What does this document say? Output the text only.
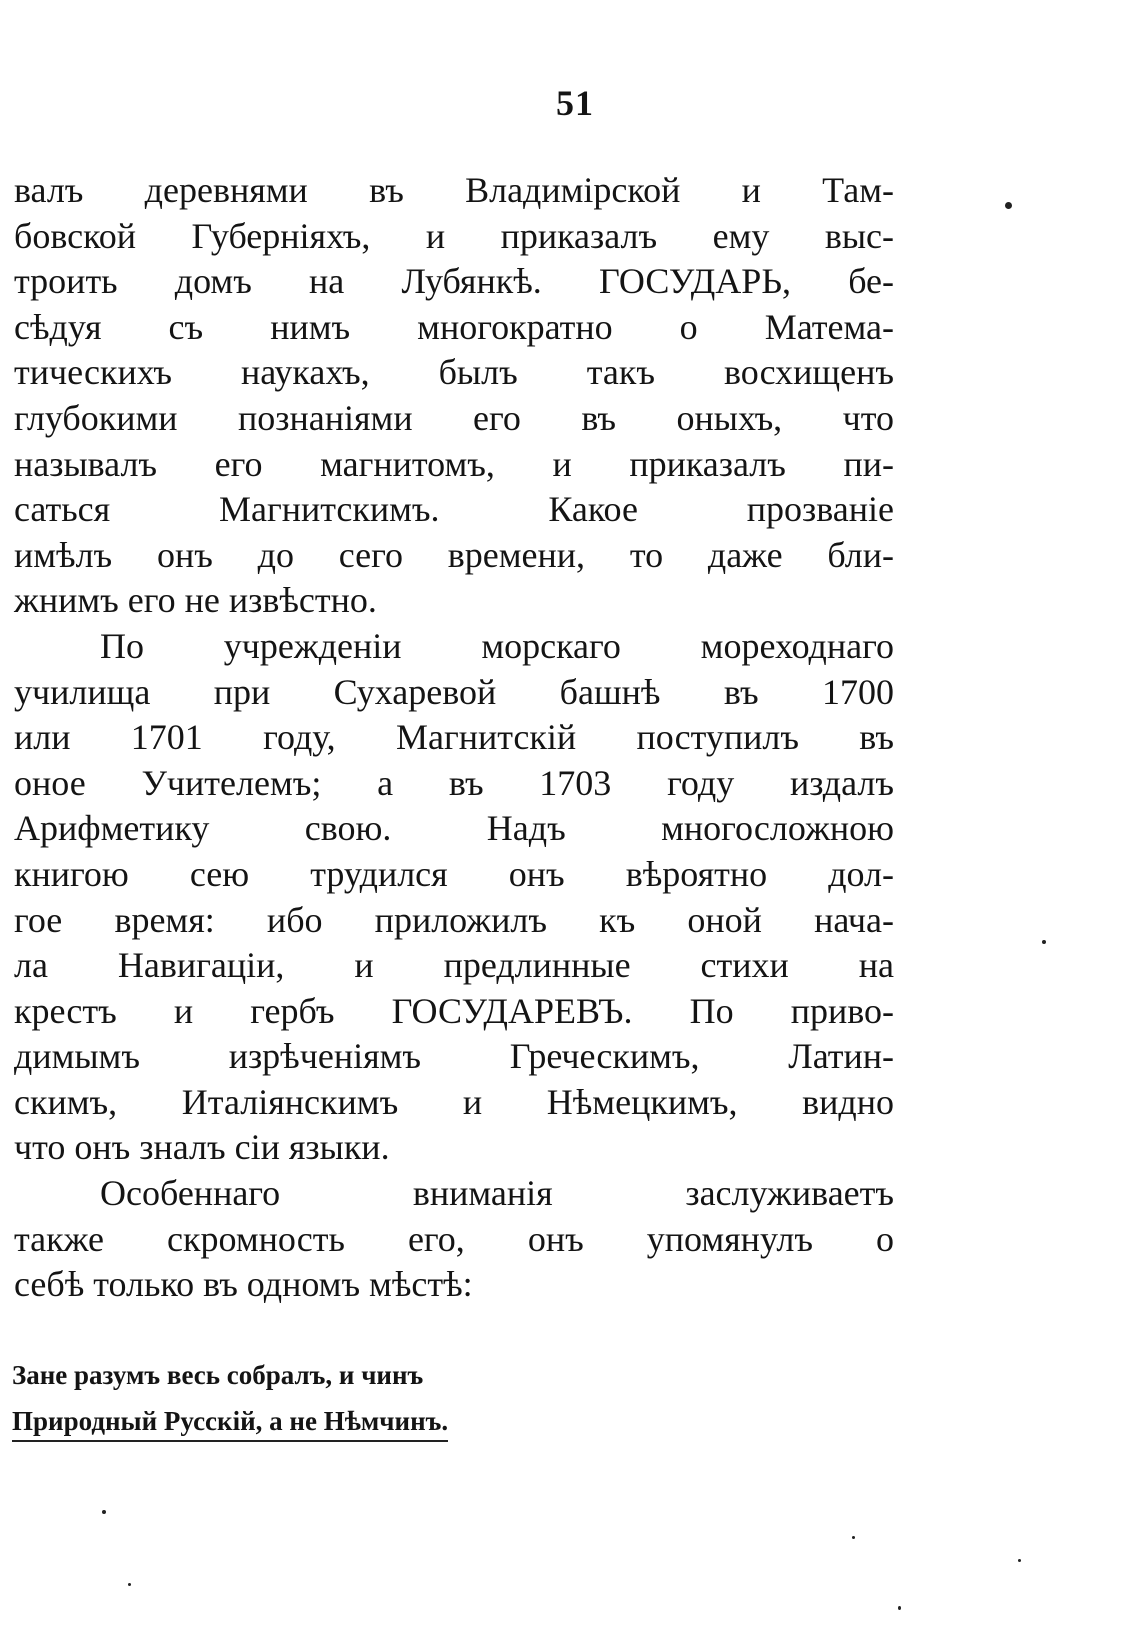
51
валъ деревнями въ Владимірской и Там-
бовской Губерніяхъ, и приказалъ ему выс-
троить домъ на Лубянкѣ. ГОСУДАРЬ, бе-
сѣдуя съ нимъ многократно о Матема-
тическихъ наукахъ, былъ такъ восхищенъ
глубокими познаніями его въ оныхъ, что
называлъ его магнитомъ, и приказалъ пи-
саться Магнитскимъ. Какое прозваніе
имѣлъ онъ до сего времени, то даже бли-
жнимъ его не извѣстно.
По учрежденіи морскаго мореходнаго
училища при Сухаревой башнѣ въ 1700
или 1701 году, Магнитскій поступилъ въ
оное Учителемъ; а въ 1703 году издалъ
Арифметику свою. Надъ многосложною
книгою сею трудился онъ вѣроятно дол-
гое время: ибо приложилъ къ оной нача-
ла Навигаціи, и предлинные стихи на
крестъ и гербъ ГОСУДАРЕВЪ. По приво-
димымъ изрѣченіямъ Греческимъ, Латин-
скимъ, Италіянскимъ и Нѣмецкимъ, видно
что онъ зналъ сіи языки.
Особеннаго вниманія заслуживаетъ
также скромность его, онъ упомянулъ о
себѣ только въ одномъ мѣстѣ:
Зане разумъ весь собралъ, и чинъ
Природный Русскій, а не Нѣмчинъ.
